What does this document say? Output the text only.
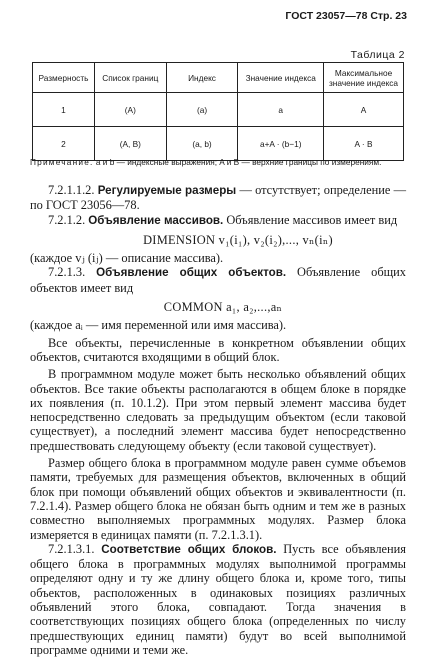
ГОСТ 23057—78 Стр. 23
Таблица 2
Размерность	Список границ	Индекс	Значение индекса	Максимальное значение индекса
1	(A)	(a)	a	A
2	(A, B)	(a, b)	a+A · (b−1)	A · B
Примечание. a и b — индексные выражения; A и B — верхние границы по измерениям.

7.2.1.1.2. Регулируемые размеры — отсутствует; определение — по ГОСТ 23056—78.

7.2.1.2. Объявление массивов. Объявление массивов имеет вид

DIMENSION v₁(i₁), v₂(i₂),..., vₙ(iₙ)

(каждое vⱼ (iⱼ) — описание массива).

7.2.1.3. Объявление общих объектов. Объявление общих объектов имеет вид

COMMON a₁, a₂,...,aₙ

(каждое aᵢ — имя переменной или имя массива).

Все объекты, перечисленные в конкретном объявлении общих объектов, считаются входящими в общий блок.

В программном модуле может быть несколько объявлений общих объектов. Все такие объекты располагаются в общем блоке в порядке их появления (п. 10.1.2). При этом первый элемент массива будет непосредственно следовать за предыдущим объектом (если таковой существует), а последний элемент массива будет непосредственно предшествовать следующему объекту (если таковой существует).

Размер общего блока в программном модуле равен сумме объемов памяти, требуемых для размещения объектов, включенных в общий блок при помощи объявлений общих объектов и эквивалентности (п. 7.2.1.4). Размер общего блока не обязан быть одним и тем же в разных совместно выполняемых программных модулях. Размер блока измеряется в единицах памяти (п. 7.2.1.3.1).

7.2.1.3.1. Соответствие общих блоков. Пусть все объявления общего блока в программных модулях выполнимой программы определяют одну и ту же длину общего блока и, кроме того, типы объектов, расположенных в одинаковых позициях различных объявлений этого блока, совпадают. Тогда значения в соответствующих позициях общего блока (определенных по числу предшествующих единиц памяти) будут во всей выполнимой программе одними и теми же.
